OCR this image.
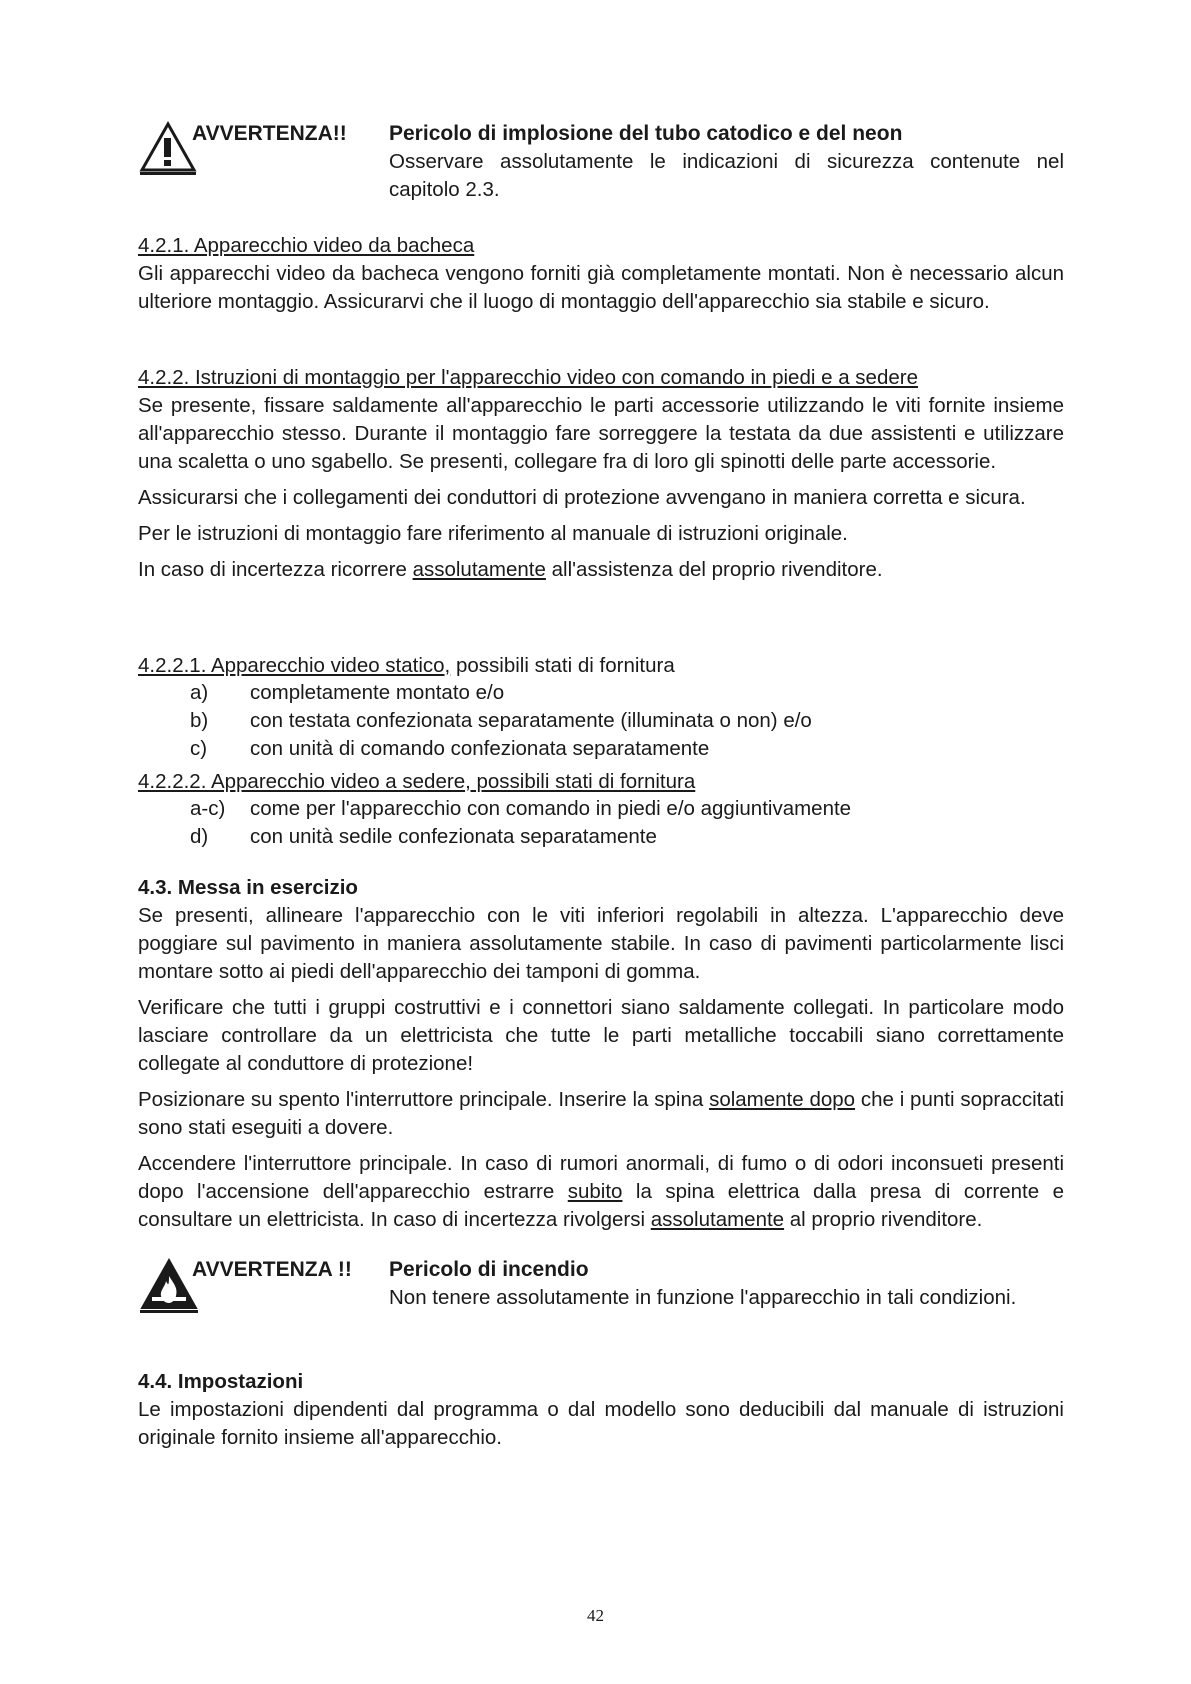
AVVERTENZA!! Pericolo di implosione del tubo catodico e del neon
Osservare assolutamente le indicazioni di sicurezza contenute nel capitolo 2.3.
4.2.1. Apparecchio video da bacheca
Gli apparecchi video da bacheca vengono forniti già completamente montati. Non è necessario alcun ulteriore montaggio. Assicurarvi che il luogo di montaggio dell'apparecchio sia stabile e sicuro.
4.2.2. Istruzioni di montaggio per l'apparecchio video con comando in piedi e a sedere
Se presente, fissare saldamente all'apparecchio le parti accessorie utilizzando le viti fornite insieme all'apparecchio stesso. Durante il montaggio fare sorreggere la testata da due assistenti e utilizzare una scaletta o uno sgabello. Se presenti, collegare fra di loro gli spinotti delle parte accessorie.
Assicurarsi che i collegamenti dei conduttori di protezione avvengano in maniera corretta e sicura.
Per le istruzioni di montaggio fare riferimento al manuale di istruzioni originale.
In caso di incertezza ricorrere assolutamente all'assistenza del proprio rivenditore.
4.2.2.1. Apparecchio video statico, possibili stati di fornitura
a) completamente montato e/o
b) con testata confezionata separatamente (illuminata o non) e/o
c) con unità di comando confezionata separatamente
4.2.2.2. Apparecchio video a sedere, possibili stati di fornitura
a-c) come per l'apparecchio con comando in piedi e/o aggiuntivamente
d) con unità sedile confezionata separatamente
4.3. Messa in esercizio
Se presenti, allineare l'apparecchio con le viti inferiori regolabili in altezza. L'apparecchio deve poggiare sul pavimento in maniera assolutamente stabile. In caso di pavimenti particolarmente lisci montare sotto ai piedi dell'apparecchio dei tamponi di gomma.
Verificare che tutti i gruppi costruttivi e i connettori siano saldamente collegati. In particolare modo lasciare controllare da un elettricista che tutte le parti metalliche toccabili siano correttamente collegate al conduttore di protezione!
Posizionare su spento l'interruttore principale. Inserire la spina solamente dopo che i punti sopraccitati sono stati eseguiti a dovere.
Accendere l'interruttore principale. In caso di rumori anormali, di fumo o di odori inconsueti presenti dopo l'accensione dell'apparecchio estrarre subito la spina elettrica dalla presa di corrente e consultare un elettricista. In caso di incertezza rivolgersi assolutamente al proprio rivenditore.
AVVERTENZA !! Pericolo di incendio
Non tenere assolutamente in funzione l'apparecchio in tali condizioni.
4.4. Impostazioni
Le impostazioni dipendenti dal programma o dal modello sono deducibili dal manuale di istruzioni originale fornito insieme all'apparecchio.
42
